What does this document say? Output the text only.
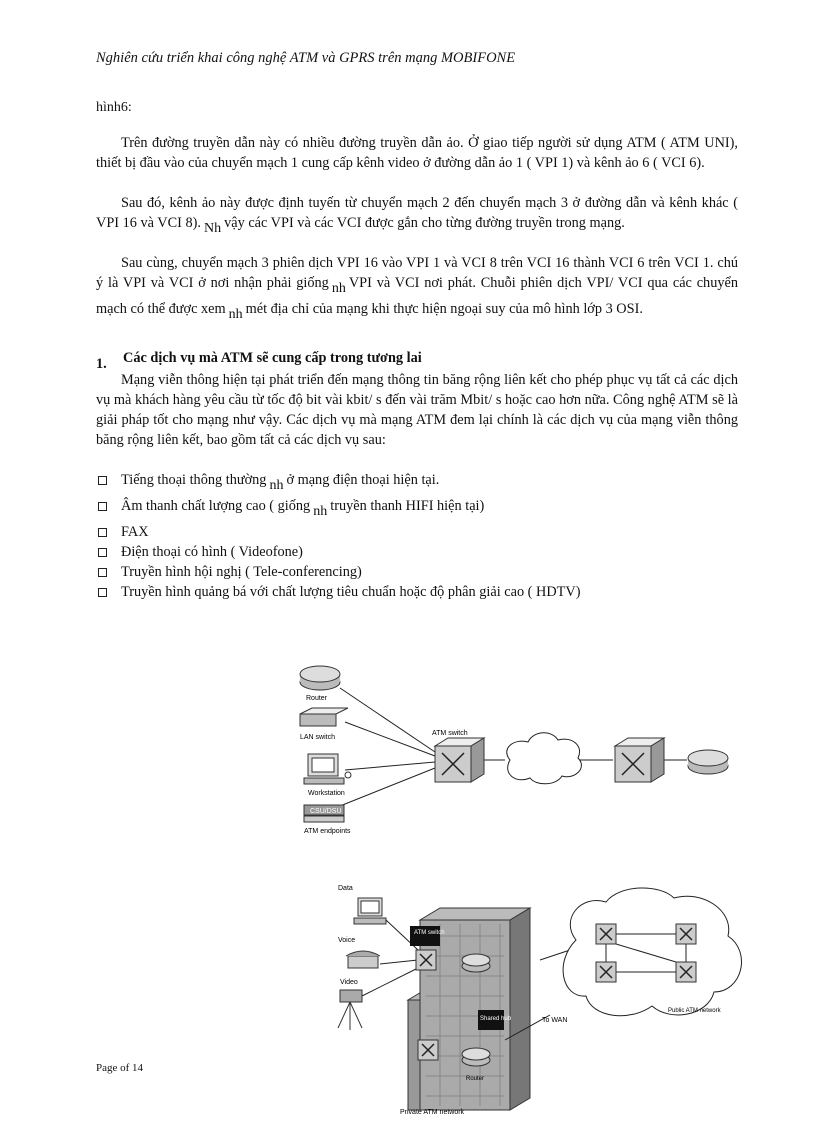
Nghiên cứu triển khai công nghệ ATM và GPRS trên mạng MOBIFONE
hình6:

Trên đường truyền dẫn này có nhiều đường truyền dẫn ảo. Ở giao tiếp người sử dụng ATM ( ATM UNI), thiết bị đầu vào của chuyển mạch 1 cung cấp kênh video ở đường dẫn ảo 1 ( VPI 1) và kênh ảo 6 ( VCI 6).

Sau đó, kênh ảo này được định tuyến từ chuyển mạch 2 đến chuyển mạch 3 ở đường dẫn và kênh khác ( VPI 16 và VCI 8). Nh vậy các VPI và các VCI được gắn cho từng đường truyền trong mạng.

Sau cùng, chuyển mạch 3 phiên dịch VPI 16 vào VPI 1 và VCI 8 trên VCI 16 thành VCI 6 trên VCI 1. chú ý là VPI và VCI ở nơi nhận phải giống nh VPI và VCI nơi phát. Chuỗi phiên dịch VPI/ VCI qua các chuyển mạch có thể được xem nh mét địa chỉ của mạng khi thực hiện ngoại suy của mô hình lớp 3 OSI.

1. Các dịch vụ mà ATM sẽ cung cấp trong tương lai

Mạng viễn thông hiện tại phát triển đến mạng thông tin băng rộng liên kết cho phép phục vụ tất cả các dịch vụ mà khách hàng yêu cầu từ tốc độ bit vài kbit/ s đến vài trăm Mbit/ s hoặc cao hơn nữa. Công nghệ ATM sẽ là giải pháp tốt cho mạng như vậy. Các dịch vụ mà mạng ATM đem lại chính là các dịch vụ của mạng viễn thông băng rộng liên kết, bao gồm tất cả các dịch vụ sau:

Tiếng thoại thông thường nh ở mạng điện thoại hiện tại.
Âm thanh chất lượng cao ( giống nh truyền thanh HIFI hiện tại)
FAX
Điện thoại có hình ( Videofone)
Truyền hình hội nghị ( Tele-conferencing)
Truyền hình quảng bá với chất lượng tiêu chuẩn hoặc độ phân giải cao ( HDTV)
Router
LAN switch
Workstation
CSU/DSU
ATM endpoints
ATM switch
Data
Voice
Video
ATM switch
Shared hub
Router
To WAN
Private ATM network
Public ATM network
Page of 14
